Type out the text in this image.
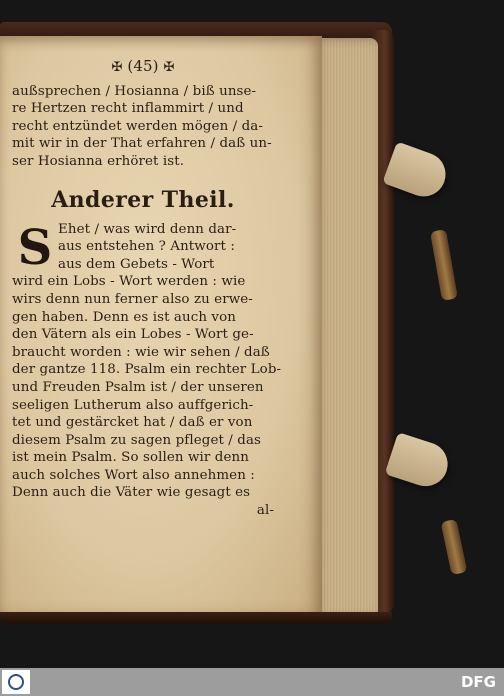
✠ (45) ✠
außsprechen / Hosianna / biß unse-
re Hertzen recht inflammirt / und
recht entzündet werden mögen / da-
mit wir in der That erfahren / daß un-
ser Hosianna erhöret ist.
Anderer Theil.
S Ehet / was wird denn dar-
aus entstehen ? Antwort :
aus dem Gebets - Wort
wird ein Lobs - Wort werden : wie
wirs denn nun ferner also zu erwe-
gen haben. Denn es ist auch von
den Vätern als ein Lobes - Wort ge-
braucht worden : wie wir sehen / daß
der gantze 118. Psalm ein rechter Lob-
und Freuden Psalm ist / der unseren
seeligen Lutherum also auffgerich-
tet und gestärcket hat / daß er von
diesem Psalm zu sagen pfleget / das
ist mein Psalm. So sollen wir denn
auch solches Wort also annehmen :
Denn auch die Väter wie gesagt es
al-
DFG
